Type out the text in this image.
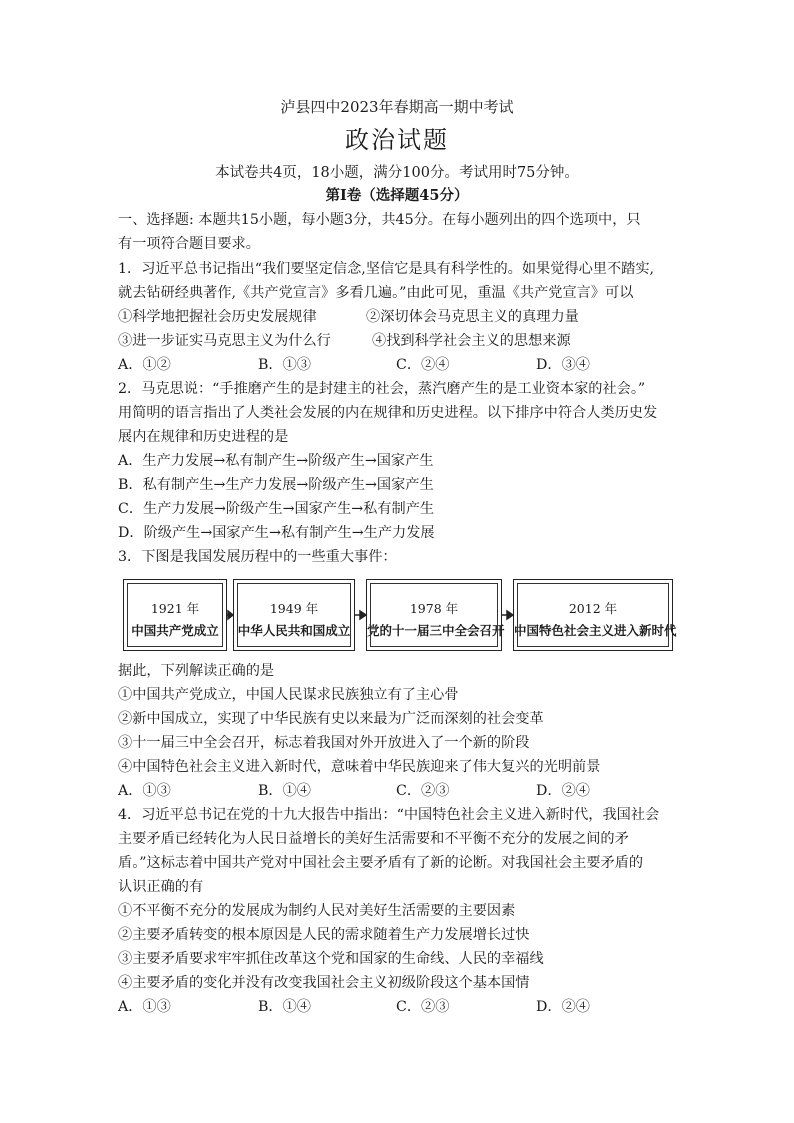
泸县四中2023年春期高一期中考试
政治试题
本试卷共4页，18小题，满分100分。考试用时75分钟。
第Ⅰ卷（选择题45分）
一、选择题: 本题共15小题，每小题3分，共45分。在每小题列出的四个选项中，只
有一项符合题目要求。
1．习近平总书记指出“我们要坚定信念,坚信它是具有科学性的。如果觉得心里不踏实,
就去钻研经典著作,《共产党宣言》多看几遍。”由此可见，重温《共产党宣言》可以
①科学地把握社会历史发展规律	②深切体会马克思主义的真理力量
③进一步证实马克思主义为什么行	④找到科学社会主义的思想来源
A．①②	B．①③	C．②④	D．③④
2．马克思说：“手推磨产生的是封建主的社会，蒸汽磨产生的是工业资本家的社会。”
用简明的语言指出了人类社会发展的内在规律和历史进程。以下排序中符合人类历史发
展内在规律和历史进程的是
A．生产力发展→私有制产生→阶级产生→国家产生
B．私有制产生→生产力发展→阶级产生→国家产生
C．生产力发展→阶级产生→国家产生→私有制产生
D．阶级产生→国家产生→私有制产生→生产力发展
3．下图是我国发展历程中的一些重大事件：
1921 年
中国共产党成立
1949 年
中华人民共和国成立
1978 年
党的十一届三中全会召开
2012 年
中国特色社会主义进入新时代
据此，下列解读正确的是
①中国共产党成立，中国人民谋求民族独立有了主心骨
②新中国成立，实现了中华民族有史以来最为广泛而深刻的社会变革
③十一届三中全会召开，标志着我国对外开放进入了一个新的阶段
④中国特色社会主义进入新时代，意味着中华民族迎来了伟大复兴的光明前景
A．①③	B．①④	C．②③	D．②④
4．习近平总书记在党的十九大报告中指出：“中国特色社会主义进入新时代，我国社会
主要矛盾已经转化为人民日益增长的美好生活需要和不平衡不充分的发展之间的矛
盾。”这标志着中国共产党对中国社会主要矛盾有了新的论断。对我国社会主要矛盾的
认识正确的有
①不平衡不充分的发展成为制约人民对美好生活需要的主要因素
②主要矛盾转变的根本原因是人民的需求随着生产力发展增长过快
③主要矛盾要求牢牢抓住改革这个党和国家的生命线、人民的幸福线
④主要矛盾的变化并没有改变我国社会主义初级阶段这个基本国情
A．①③	B．①④	C．②③	D．②④
